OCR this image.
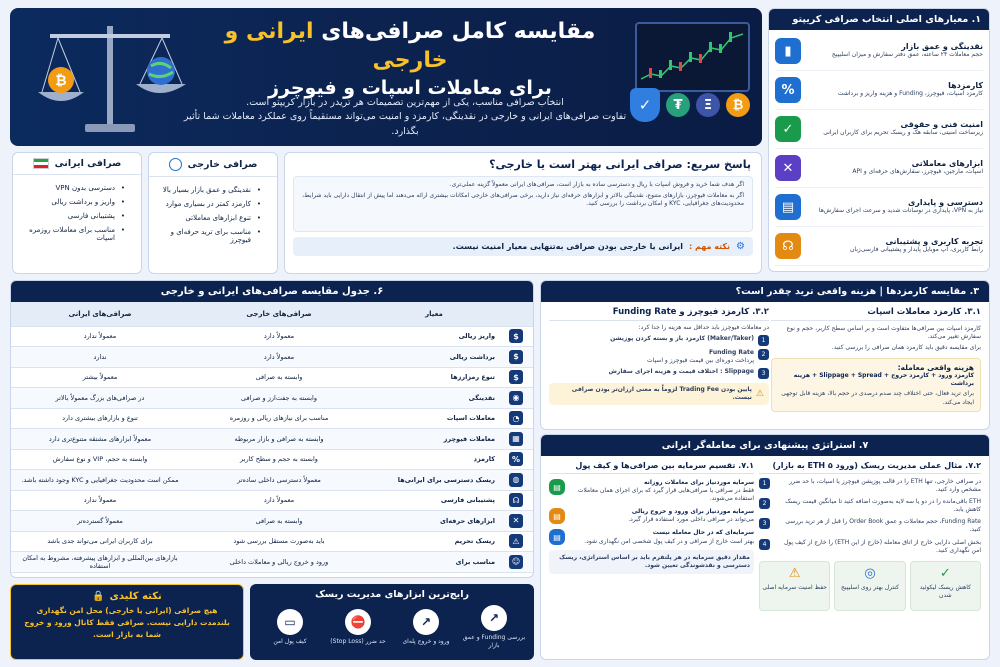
₿
مقایسه کامل صرافی‌های ایرانی و خارجی
برای معاملات اسپات و فیوچرز
انتخاب صرافی مناسب، یکی از مهم‌ترین تصمیمات هر تریدر در بازار کریپتو است.
تفاوت صرافی‌های ایرانی و خارجی در نقدینگی، کارمزد و امنیت می‌تواند مستقیماً روی عملکرد معاملات شما تأثیر بگذارد.
₿
Ξ
₮
✓
۱. معیارهای اصلی انتخاب صرافی کریپتو
نقدینگی و عمق بازار
حجم معاملات ۲۴ ساعته، عمق دفتر سفارش و میزان اسلیپیج
▮
کارمزدها
کارمزد اسپات، فیوچرز، Funding و هزینه واریز و برداشت
%
امنیت فنی و حقوقی
زیرساخت امنیتی، سابقه هک و ریسک تحریم برای کاربران ایرانی
✓
ابزارهای معاملاتی
اسپات، مارجین، فیوچرز، سفارش‌های حرفه‌ای و API
✕
دسترسی و پایداری
نیاز به VPN، پایداری در نوسانات شدید و سرعت اجرای سفارش‌ها
▤
تجربه کاربری و پشتیبانی
رابط کاربری، اپ موبایل پایدار و پشتیبانی فارسی‌زبان
☊
صرافی ایرانی
• دسترسی بدون VPN
• واریز و برداشت ریالی
• پشتیبانی فارسی
• مناسب برای معاملات روزمره اسپات
صرافی خارجی
• نقدینگی و عمق بازار بسیار بالا
• کارمزد کمتر در بسیاری موارد
• تنوع ابزارهای معاملاتی
• مناسب برای ترید حرفه‌ای و فیوچرز
پاسخ سریع: صرافی ایرانی بهتر است یا خارجی؟
اگر هدف شما خرید و فروش اسپات با ریال و دسترسی ساده به بازار است، صرافی‌های ایرانی معمولاً گزینه عملی‌تری.
اگر به معاملات فیوچرز، بازارهای متنوع، نقدینگی بالاتر و ابزارهای حرفه‌ای نیاز دارید، برخی صرافی‌های خارجی امکانات بیشتری ارائه می‌دهند اما پیش از انتقال دارایی باید شرایط، محدودیت‌های جغرافیایی، KYC و امکان برداشت را بررسی کنید.
⚙
نکته مهم :
ایرانی یا خارجی بودن صرافی به‌تنهایی معیار امنیت نیست.
۶. جدول مقایسه صرافی‌های ایرانی و خارجی
	معیار	صرافی‌های خارجی	صرافی‌های ایرانی
$	واریز ریالی	معمولاً دارد	معمولاً ندارد
$	برداشت ریالی	معمولاً دارد	ندارد
$	تنوع رمزارزها	وابسته به صرافی	معمولاً بیشتر
◉	نقدینگی	وابسته به جفت‌ارز و صرافی	در صرافی‌های بزرگ معمولاً بالاتر
◔	معاملات اسپات	مناسب برای نیازهای ریالی و روزمره	تنوع و بازارهای بیشتری دارد
▦	معاملات فیوچرز	وابسته به صرافی و بازار مربوطه	معمولاً ابزارهای مشتقه متنوع‌تری دارد
%	کارمزد	وابسته به حجم و سطح کاربر	وابسته به حجم، VIP و نوع سفارش
◍	ریسک دسترسی برای ایرانی‌ها	معمولاً دسترسی داخلی ساده‌تر	ممکن است محدودیت جغرافیایی و KYC وجود داشته باشد.
☊	پشتیبانی فارسی	معمولاً دارد	معمولاً ندارد
✕	ابزارهای حرفه‌ای	وابسته به صرافی	معمولاً گسترده‌تر
⚠	ریسک تحریم	باید به‌صورت مستقل بررسی شود	برای کاربران ایرانی می‌تواند جدی باشد
☺	مناسب برای	ورود و خروج ریالی و معاملات داخلی	بازارهای بین‌المللی و ابزارهای پیشرفته، مشروط به امکان استفاده
۳. مقایسه کارمزدها | هزینه واقعی ترید چقدر است؟
۳.۱. کارمزد معاملات اسپات
کارمزد اسپات بین صرافی‌ها متفاوت است و بر اساس سطح کاربر، حجم و نوع سفارش تغییر می‌کند.
برای مقایسه دقیق باید کارمزد همان صرافی را بررسی کنید.
هزینه واقعی معامله:
کارمزد ورود + کارمزد خروج + Slippage + Spread + هزینه برداشت
برای ترید فعال، حتی اختلاف چند صدم درصدی در حجم بالا، هزینه قابل توجهی ایجاد می‌کند.
۳.۲. کارمزد فیوچرز و Funding Rate
در معاملات فیوچرز باید حداقل سه هزینه را جدا کرد:
1
(Maker/Taker) کارمزد باز و بسته کردن پوزیشن
2
Funding Rate
پرداخت دوره‌ای بین قیمت فیوچرز و اسپات
3
Slippage : اختلاف قیمت و هزینه اجرای سفارش
⚠
پایین بودن Trading Fee لزوماً به معنی ارزان‌تر بودن صرافی نیست.
۷. استراتژی پیشنهادی برای معامله‌گر ایرانی
۷.۲. مثال عملی مدیریت ریسک (ورود ۵ ETH به بازار)
در صرافی خارجی، تنها ETH را در قالب پوزیشن فیوچرز یا اسپات، با حد ضرر مشخص وارد کنید.
1
ETH باقی‌مانده را در دو یا سه لایه به‌صورت اضافه کنید تا میانگین قیمت ریسک کاهش یابد.
2
Funding Rate، حجم معاملات و عمق Order Book را قبل از هر ترید بررسی کنید.
3
بخش اصلی دارایی خارج از اتاق معامله (خارج از این ETH) را خارج از کیف پول امن نگهداری کنید.
4
✓
کاهش ریسک لیکوئید شدن
◎
کنترل بهتر روی اسلیپیج
⚠
حفظ امنیت سرمایه اصلی
۷.۱. تقسیم سرمایه بین صرافی‌ها و کیف پول
سرمایه موردنیاز برای معاملات روزانه
فقط در صرافی یا صرافی‌هایی قرار گیرد که برای اجرای همان معاملات استفاده می‌شوند.
▤
سرمایه موردنیاز برای ورود و خروج ریالی
می‌تواند در صرافی داخلی مورد استفاده قرار گیرد.
▤
سرمایه‌ای که در حال معامله نیست
بهتر است خارج از صرافی و در کیف پول شخصی امن نگهداری شود.
▤
مقدار دقیق سرمایه در هر پلتفرم باید بر اساس استراتژی، ریسک دسترسی و نقدشوندگی تعیین شود.
رایج‌ترین ابزارهای مدیریت ریسک
↗
بررسی Funding و عمق بازار
↗
ورود و خروج پله‌ای
⛔
حد ضرر (Stop Loss)
▭
کیف پول امن
نکته کلیدی
🔒
هیچ صرافی (ایرانی یا خارجی) محل امن نگهداری بلندمدت دارایی نیست. صرافی فقط کانال ورود و خروج شما به بازار است.
